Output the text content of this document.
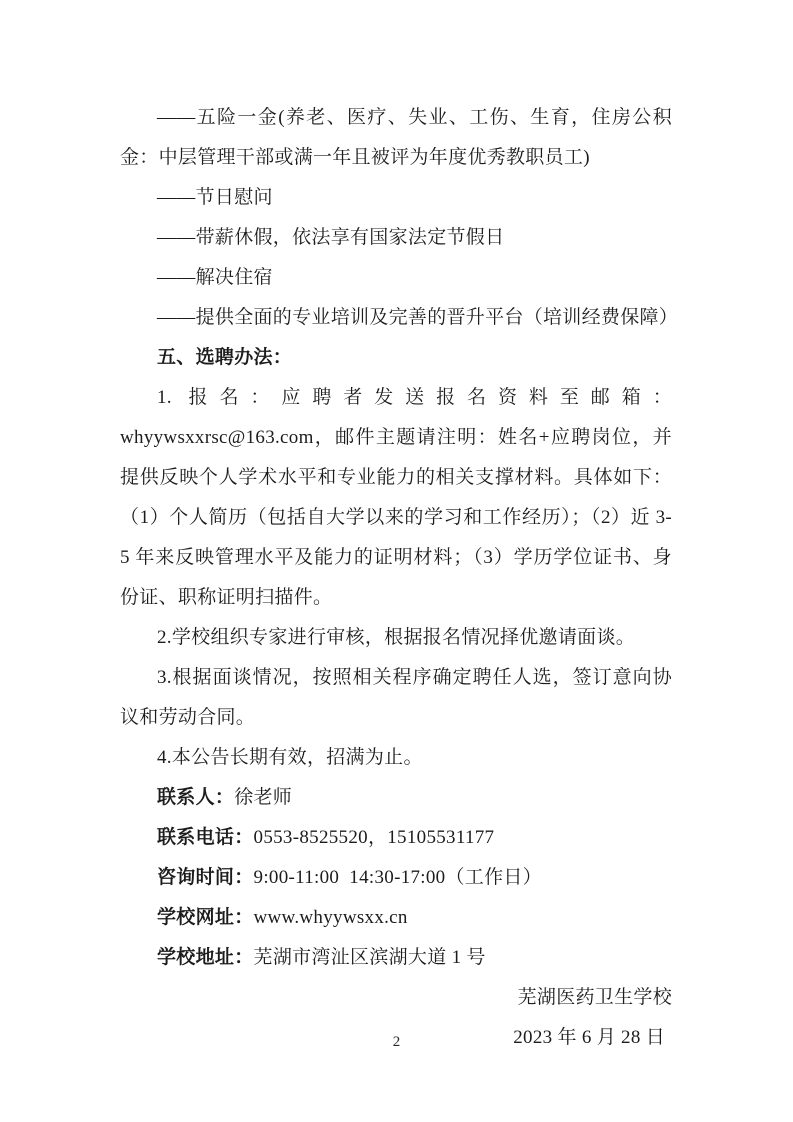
——五险一金(养老、医疗、失业、工伤、生育，住房公积金：中层管理干部或满一年且被评为年度优秀教职员工)

——节日慰问

——带薪休假，依法享有国家法定节假日

——解决住宿

——提供全面的专业培训及完善的晋升平台（培训经费保障）

五、选聘办法：

1. 报名：应聘者发送报名资料至邮箱：whyywsxxrsc@163.com，邮件主题请注明：姓名+应聘岗位，并提供反映个人学术水平和专业能力的相关支撑材料。具体如下：（1）个人简历（包括自大学以来的学习和工作经历）；（2）近 3-5 年来反映管理水平及能力的证明材料；（3）学历学位证书、身份证、职称证明扫描件。

2.学校组织专家进行审核，根据报名情况择优邀请面谈。

3.根据面谈情况，按照相关程序确定聘任人选，签订意向协议和劳动合同。

4.本公告长期有效，招满为止。

联系人：徐老师

联系电话：0553-8525520，15105531177

咨询时间：9:00-11:00  14:30-17:00（工作日）

学校网址：www.whyywsxx.cn

学校地址：芜湖市湾沚区滨湖大道 1 号

芜湖医药卫生学校

2023 年 6 月 28 日

2
